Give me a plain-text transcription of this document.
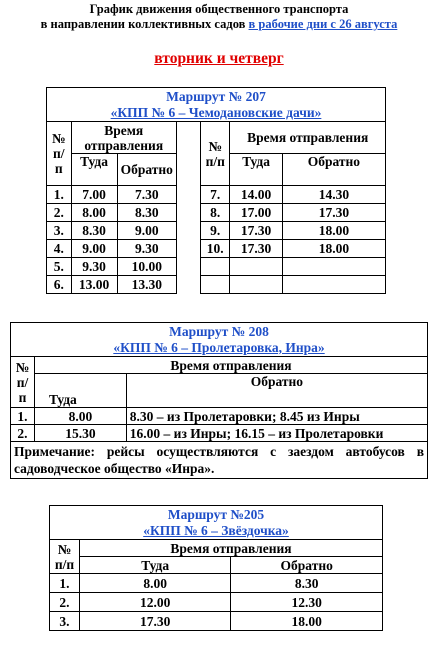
График движения общественного транспорта
в направлении коллективных садов в рабочие дни с 26 августа
вторник и четверг
Маршрут № 207
«КПП № 6 – Чемодановские дачи»						

№ п/п	Время отправления			№ п/п	Время отправления	
	Туда	Обратно			Туда	Обратно
1.	7.00	7.30		7.	14.00	14.30
2.	8.00	8.30		8.	17.00	17.30
3.	8.30	9.00		9.	17.30	18.00
4.	9.00	9.30		10.	17.30	18.00
5.	9.30	10.00				
6.	13.00	13.30				
Маршрут № 208
«КПП № 6 – Пролетаровка, Инра»		

№ п/ п	Время отправления	
	Туда	Обратно
1.	8.00	8.30 – из Пролетаровки; 8.45 из Инры
2.	15.30	16.00 – из Инры; 16.15 – из Пролетаровки
Примечание: рейсы осуществляются с заездом автобусов в садоводческое общество «Инра».		
Маршрут №205
«КПП № 6 – Звёздочка»		

№ п/п	Время отправления	
	Туда	Обратно
1.	8.00	8.30
2.	12.00	12.30
3.	17.30	18.00
